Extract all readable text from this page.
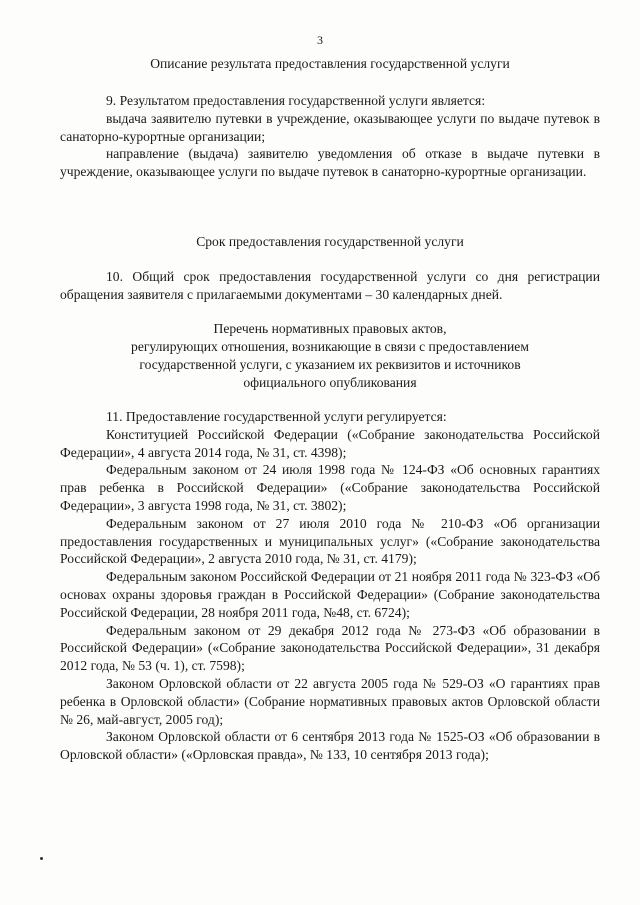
3
Описание результата предоставления государственной услуги

9. Результатом предоставления государственной услуги является:

выдача заявителю путевки в учреждение, оказывающее услуги по выдаче путевок в санаторно-курортные организации;

направление (выдача) заявителю уведомления об отказе в выдаче путевки в учреждение, оказывающее услуги по выдаче путевок в санаторно-курортные организации.

Срок предоставления государственной услуги

10. Общий срок предоставления государственной услуги со дня регистрации обращения заявителя с прилагаемыми документами – 30 календарных дней.

Перечень нормативных правовых актов,
регулирующих отношения, возникающие в связи с предоставлением
государственной услуги, с указанием их реквизитов и источников
официального опубликования

11. Предоставление государственной услуги регулируется:

Конституцией Российской Федерации («Собрание законодательства Российской Федерации», 4 августа 2014 года, № 31, ст. 4398);

Федеральным законом от 24 июля 1998 года № 124-ФЗ «Об основных гарантиях прав ребенка в Российской Федерации» («Собрание законодательства Российской Федерации», 3 августа 1998 года, № 31, ст. 3802);

Федеральным законом от 27 июля 2010 года № 210-ФЗ «Об организации предоставления государственных и муниципальных услуг» («Собрание законодательства Российской Федерации», 2 августа 2010 года, № 31, ст. 4179);

Федеральным законом Российской Федерации от 21 ноября 2011 года № 323-ФЗ «Об основах охраны здоровья граждан в Российской Федерации» (Собрание законодательства Российской Федерации, 28 ноября 2011 года, №48, ст. 6724);

Федеральным законом от 29 декабря 2012 года № 273-ФЗ «Об образовании в Российской Федерации» («Собрание законодательства Российской Федерации», 31 декабря 2012 года, № 53 (ч. 1), ст. 7598);

Законом Орловской области от 22 августа 2005 года № 529-ОЗ «О гарантиях прав ребенка в Орловской области» (Собрание нормативных правовых актов Орловской области № 26, май-август, 2005 год);

Законом Орловской области от 6 сентября 2013 года № 1525-ОЗ «Об образовании в Орловской области» («Орловская правда», № 133, 10 сентября 2013 года);
